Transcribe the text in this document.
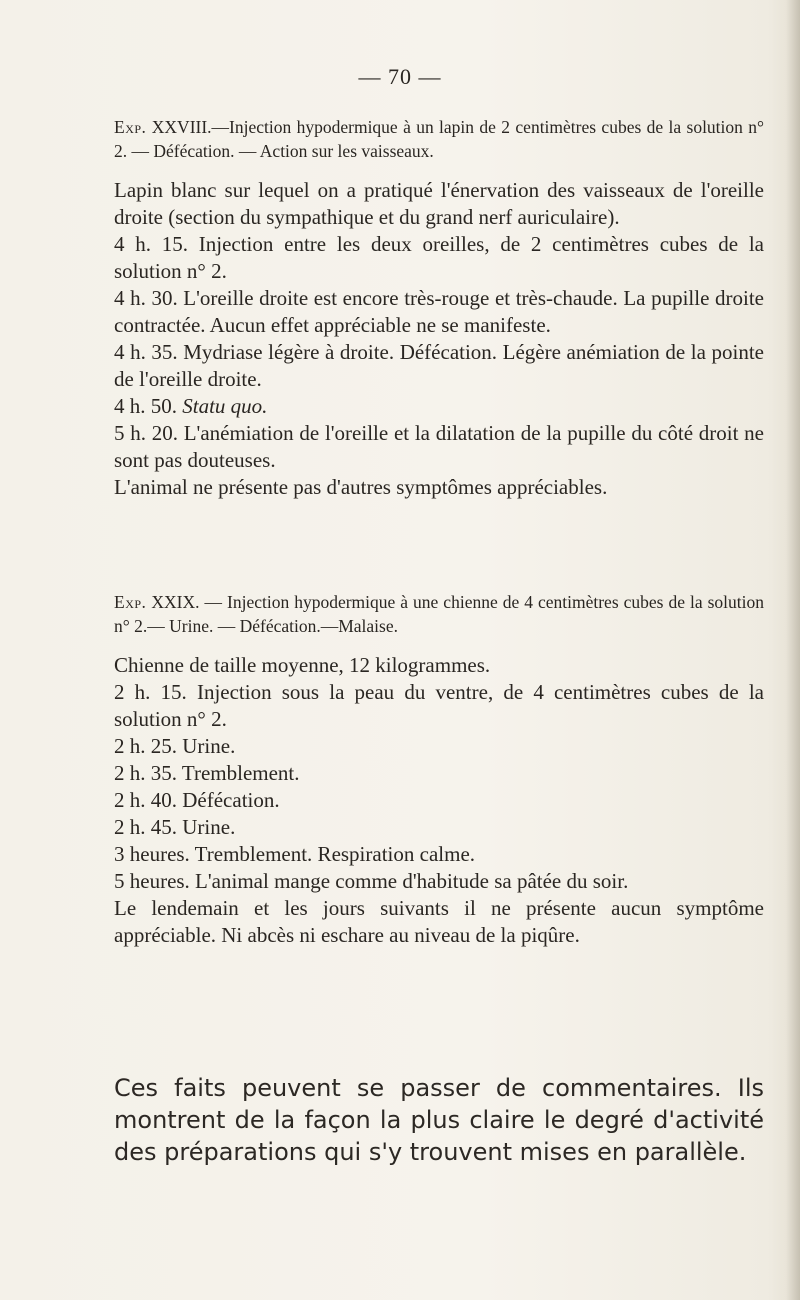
— 70 —
Exp. XXVIII.—Injection hypodermique à un lapin de 2 centimètres cubes de la solution n° 2. — Défécation. — Action sur les vaisseaux.

Lapin blanc sur lequel on a pratiqué l'énervation des vaisseaux de l'oreille droite (section du sympathique et du grand nerf auriculaire).

4 h. 15. Injection entre les deux oreilles, de 2 centimètres cubes de la solution n° 2.

4 h. 30. L'oreille droite est encore très-rouge et très-chaude. La pupille droite contractée. Aucun effet appréciable ne se manifeste.

4 h. 35. Mydriase légère à droite. Défécation. Légère anémiation de la pointe de l'oreille droite.

4 h. 50. Statu quo.

5 h. 20. L'anémiation de l'oreille et la dilatation de la pupille du côté droit ne sont pas douteuses.

L'animal ne présente pas d'autres symptômes appréciables.

Exp. XXIX. — Injection hypodermique à une chienne de 4 centimètres cubes de la solution n° 2.— Urine. — Défécation.—Malaise.

Chienne de taille moyenne, 12 kilogrammes.

2 h. 15. Injection sous la peau du ventre, de 4 centimètres cubes de la solution n° 2.

2 h. 25. Urine.

2 h. 35. Tremblement.

2 h. 40. Défécation.

2 h. 45. Urine.

3 heures. Tremblement. Respiration calme.

5 heures. L'animal mange comme d'habitude sa pâtée du soir.

Le lendemain et les jours suivants il ne présente aucun symptôme appréciable. Ni abcès ni eschare au niveau de la piqûre.

Ces faits peuvent se passer de commentaires. Ils montrent de la façon la plus claire le degré d'activité des préparations qui s'y trouvent mises en parallèle.
